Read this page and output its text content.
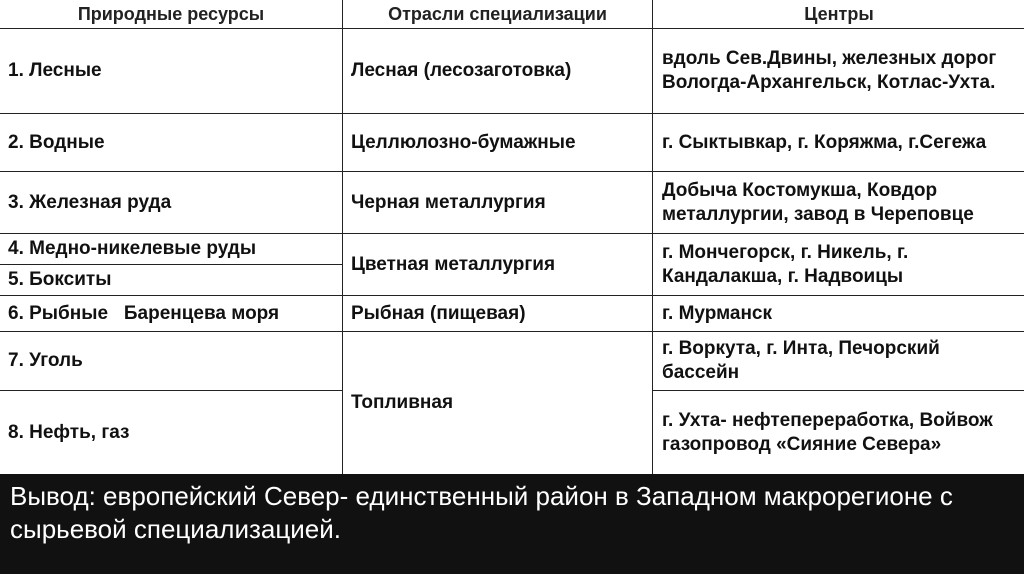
Природные ресурсы	Отрасли специализации	Центры
1. Лесные	Лесная (лесозаготовка)	вдоль Сев.Двины, железных дорог Вологда-Архангельск, Котлас-Ухта.
2. Водные	Целлюлозно-бумажные	г. Сыктывкар, г. Коряжма, г.Сегежа
3. Железная руда	Черная металлургия	Добыча Костомукша, Ковдор металлургии, завод в Череповце
4. Медно-никелевые руды	Цветная металлургия	г. Мончегорск, г. Никель, г. Кандалакша, г. Надвоицы
5. Бокситы		
6. Рыбные   Баренцева моря	Рыбная (пищевая)	г. Мурманск
7. Уголь	Топливная	г. Воркута, г. Инта, Печорский бассейн
8. Нефть, газ		г. Ухта- нефтепереработка, Войвож газопровод «Сияние Севера»
Вывод: европейский Север- единственный район в Западном макрорегионе с сырьевой специализацией.
